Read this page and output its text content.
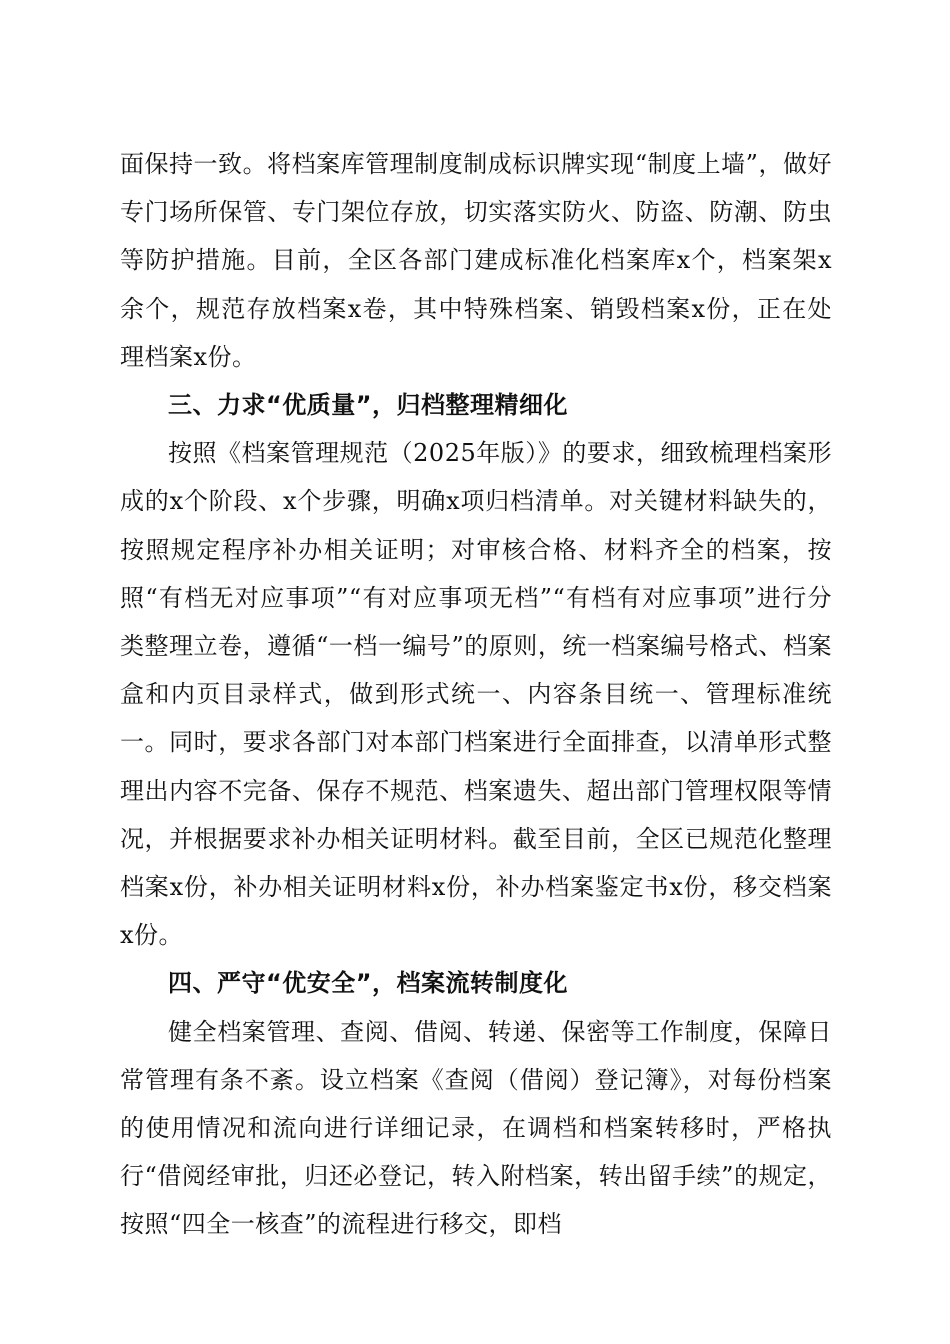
面保持一致。将档案库管理制度制成标识牌实现“制度上墙”，做好专门场所保管、专门架位存放，切实落实防火、防盗、防潮、防虫等防护措施。目前，全区各部门建成标准化档案库x个，档案架x余个，规范存放档案x卷，其中特殊档案、销毁档案x份，正在处理档案x份。

三、力求“优质量”，归档整理精细化

按照《档案管理规范（2025年版）》的要求，细致梳理档案形成的x个阶段、x个步骤，明确x项归档清单。对关键材料缺失的，按照规定程序补办相关证明；对审核合格、材料齐全的档案，按照“有档无对应事项”“有对应事项无档”“有档有对应事项”进行分类整理立卷，遵循“一档一编号”的原则，统一档案编号格式、档案盒和内页目录样式，做到形式统一、内容条目统一、管理标准统一。同时，要求各部门对本部门档案进行全面排查，以清单形式整理出内容不完备、保存不规范、档案遗失、超出部门管理权限等情况，并根据要求补办相关证明材料。截至目前，全区已规范化整理档案x份，补办相关证明材料x份，补办档案鉴定书x份，移交档案x份。

四、严守“优安全”，档案流转制度化

健全档案管理、查阅、借阅、转递、保密等工作制度，保障日常管理有条不紊。设立档案《查阅（借阅）登记簿》，对每份档案的使用情况和流向进行详细记录，在调档和档案转移时，严格执行“借阅经审批，归还必登记，转入附档案，转出留手续”的规定，按照“四全一核查”的流程进行移交，即档
